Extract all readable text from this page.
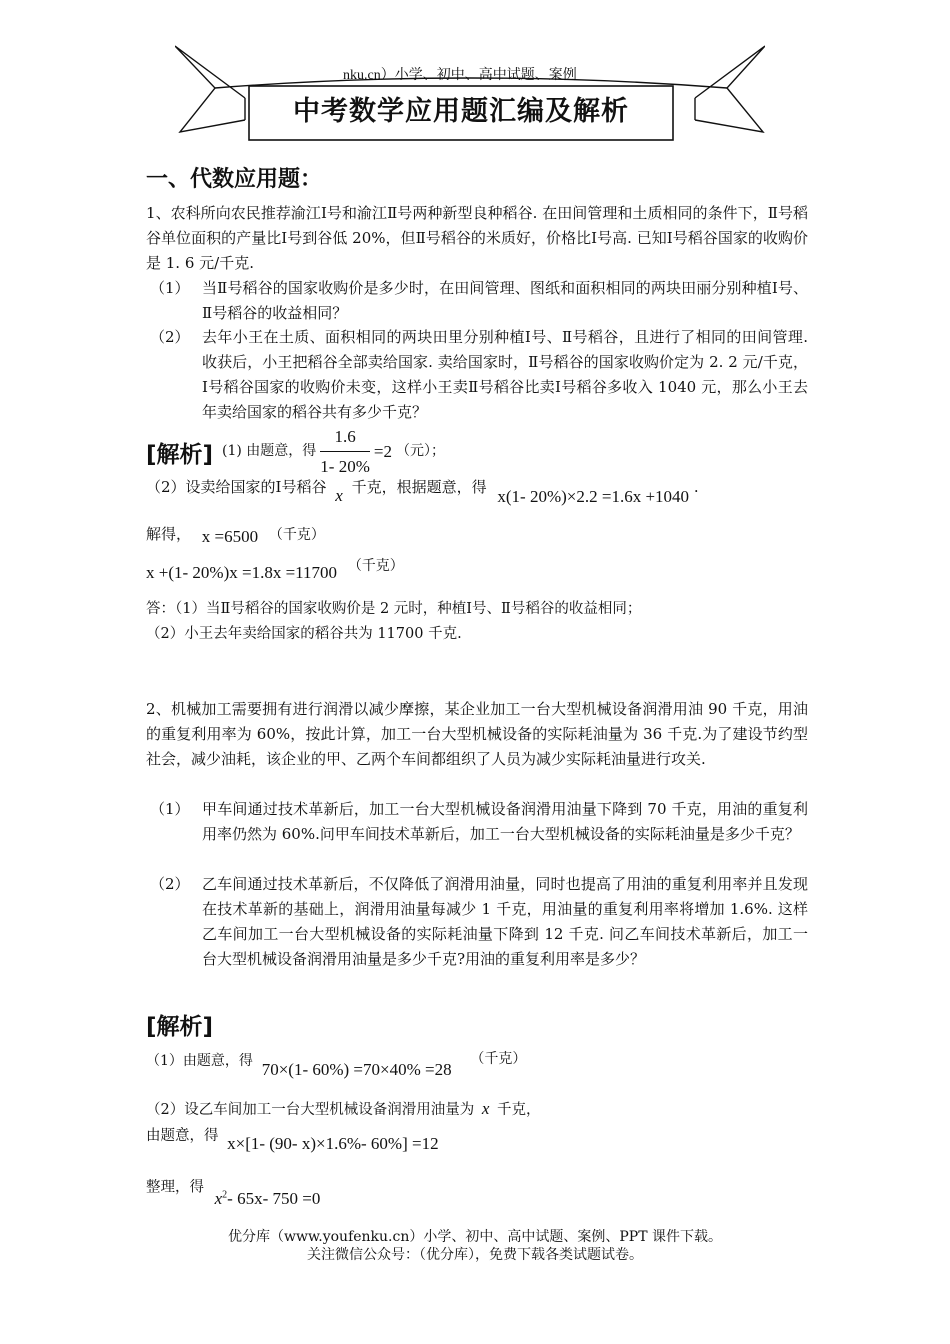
nku.cn）小学、初中、高中试题、案例
中考数学应用题汇编及解析
一、代数应用题：
1、农科所向农民推荐渝江Ⅰ号和渝江Ⅱ号两种新型良种稻谷. 在田间管理和土质相同的条件下，Ⅱ号稻谷单位面积的产量比Ⅰ号到谷低 20%，但Ⅱ号稻谷的米质好，价格比Ⅰ号高. 已知Ⅰ号稻谷国家的收购价是 1. 6 元/千克.
（1） 当Ⅱ号稻谷的国家收购价是多少时，在田间管理、图纸和面积相同的两块田丽分别种植Ⅰ号、Ⅱ号稻谷的收益相同？
（2） 去年小王在土质、面积相同的两块田里分别种植Ⅰ号、Ⅱ号稻谷，且进行了相同的田间管理. 收获后，小王把稻谷全部卖给国家. 卖给国家时，Ⅱ号稻谷的国家收购价定为 2. 2 元/千克，Ⅰ号稻谷国家的收购价未变，这样小王卖Ⅱ号稻谷比卖Ⅰ号稻谷多收入 1040 元，那么小王去年卖给国家的稻谷共有多少千克？
[解析] (1) 由题意，得 $\frac{1.6}{1- 20\%} =2$ （元）；
（2）设卖给国家的Ⅰ号稻谷 x 千克，根据题意，得 x(1- 20%)×2.2 =1.6x +1040 .
解得， x =6500 （千克）
x +(1- 20%)x =1.8x =11700 （千克）
答：（1）当Ⅱ号稻谷的国家收购价是 2 元时，种植Ⅰ号、Ⅱ号稻谷的收益相同；
（2）小王去年卖给国家的稻谷共为 11700 千克.
2、机械加工需要拥有进行润滑以减少摩擦，某企业加工一台大型机械设备润滑用油 90 千克，用油的重复利用率为 60%，按此计算，加工一台大型机械设备的实际耗油量为 36 千克.为了建设节约型社会，减少油耗，该企业的甲、乙两个车间都组织了人员为减少实际耗油量进行攻关.
（1） 甲车间通过技术革新后，加工一台大型机械设备润滑用油量下降到 70 千克，用油的重复利用率仍然为 60%.问甲车间技术革新后，加工一台大型机械设备的实际耗油量是多少千克？
（2） 乙车间通过技术革新后，不仅降低了润滑用油量，同时也提高了用油的重复利用率并且发现在技术革新的基础上，润滑用油量每减少 1 千克，用油量的重复利用率将增加 1.6%. 这样乙车间加工一台大型机械设备的实际耗油量下降到 12 千克. 问乙车间技术革新后，加工一台大型机械设备润滑用油量是多少千克?用油的重复利用率是多少？
[解析]
（1）由题意，得 70×(1- 60%) =70×40% =28 （千克）
（2）设乙车间加工一台大型机械设备润滑用油量为 x 千克，
由题意，得 x×[1- (90- x)×1.6%- 60%] =12
整理，得 $x^2-$ 65x- 750 =0
优分库（www.youfenku.cn）小学、初中、高中试题、案例、PPT 课件下载。
关注微信公众号：（优分库），免费下载各类试题试卷。
